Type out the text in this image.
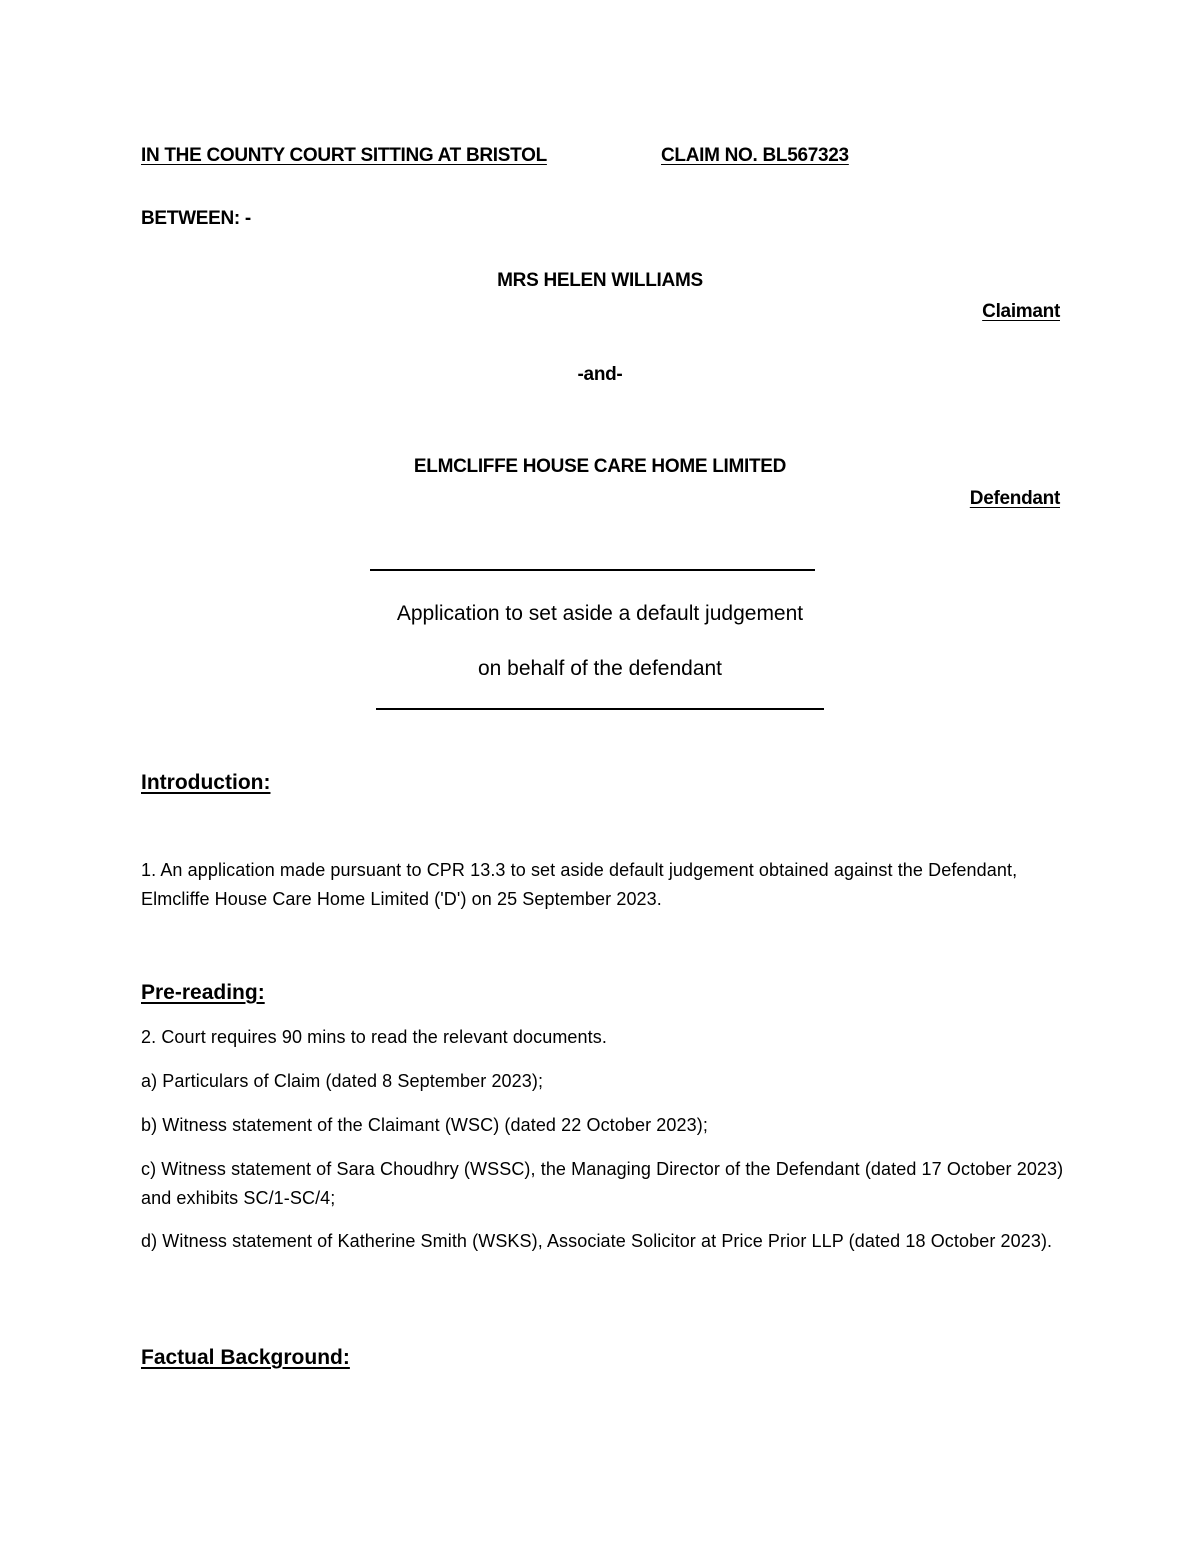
IN THE COUNTY COURT SITTING AT BRISTOL	CLAIM NO. BL567323
BETWEEN: -
MRS HELEN WILLIAMS
Claimant
-and-
ELMCLIFFE HOUSE CARE HOME LIMITED
Defendant
Application to set aside a default judgement
on behalf of the defendant
Introduction:
1. An application made pursuant to CPR 13.3 to set aside default judgement obtained against the Defendant, Elmcliffe House Care Home Limited ('D') on 25 September 2023.
Pre-reading:
2. Court requires 90 mins to read the relevant documents.
a) Particulars of Claim (dated 8 September 2023);
b) Witness statement of the Claimant (WSC) (dated 22 October 2023);
c) Witness statement of Sara Choudhry (WSSC), the Managing Director of the Defendant (dated 17 October 2023) and exhibits SC/1-SC/4;
d) Witness statement of Katherine Smith (WSKS), Associate Solicitor at Price Prior LLP (dated 18 October 2023).
Factual Background:
